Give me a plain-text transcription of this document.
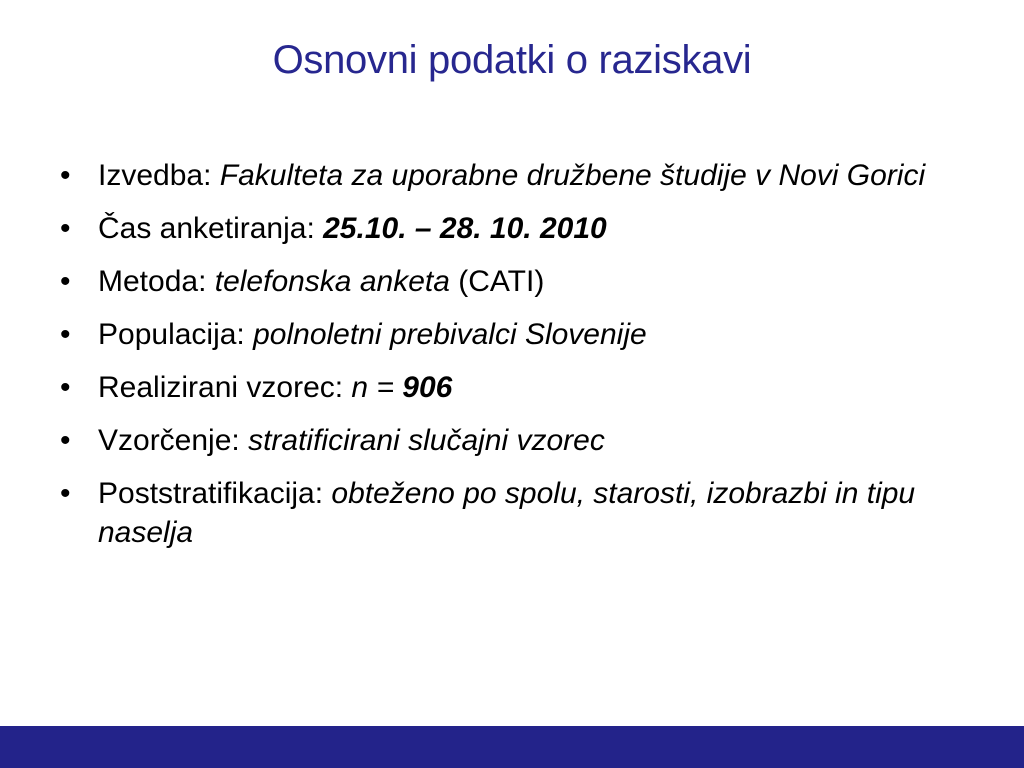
Osnovni podatki o raziskavi
• Izvedba: Fakulteta za uporabne družbene študije v Novi Gorici
• Čas anketiranja: 25.10. – 28. 10. 2010
• Metoda: telefonska anketa (CATI)
• Populacija: polnoletni prebivalci Slovenije
• Realizirani vzorec: n = 906
• Vzorčenje: stratificirani slučajni vzorec
• Poststratifikacija: obteženo po spolu, starosti, izobrazbi in tipu naselja
